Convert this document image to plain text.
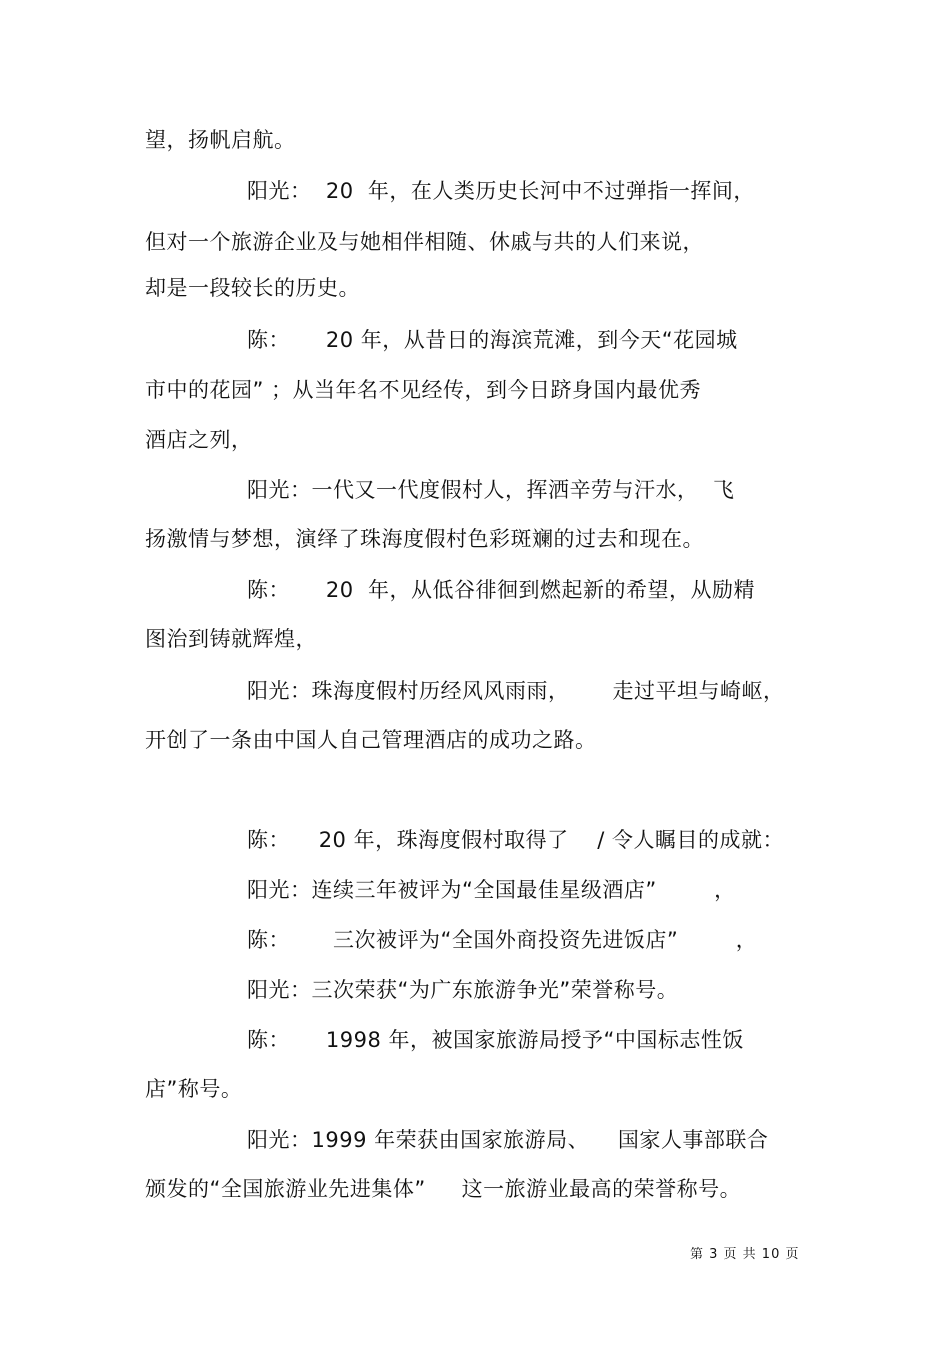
望，扬帆启航。
阳光：  20  年，在人类历史长河中不过弹指一挥间，
但对一个旅游企业及与她相伴相随、休戚与共的人们来说，
却是一段较长的历史。
陈：     20 年，从昔日的海滨荒滩，到今天“花园城
市中的花园” ；从当年名不见经传，到今日跻身国内最优秀
酒店之列，
阳光：一代又一代度假村人，挥洒辛劳与汗水，  飞
扬激情与梦想，演绎了珠海度假村色彩斑斓的过去和现在。
陈：     20  年，从低谷徘徊到燃起新的希望，从励精
图治到铸就辉煌，
阳光：珠海度假村历经风风雨雨，      走过平坦与崎岖，
开创了一条由中国人自己管理酒店的成功之路。
陈：    20 年，珠海度假村取得了    / 令人瞩目的成就：
阳光：连续三年被评为“全国最佳星级酒店”        ，
陈：      三次被评为“全国外商投资先进饭店”        ，
阳光：三次荣获“为广东旅游争光”荣誉称号。
陈：     1998 年，被国家旅游局授予“中国标志性饭
店”称号。
阳光：1999 年荣获由国家旅游局、    国家人事部联合
颁发的“全国旅游业先进集体”     这一旅游业最高的荣誉称号。
第 3 页 共 10 页
